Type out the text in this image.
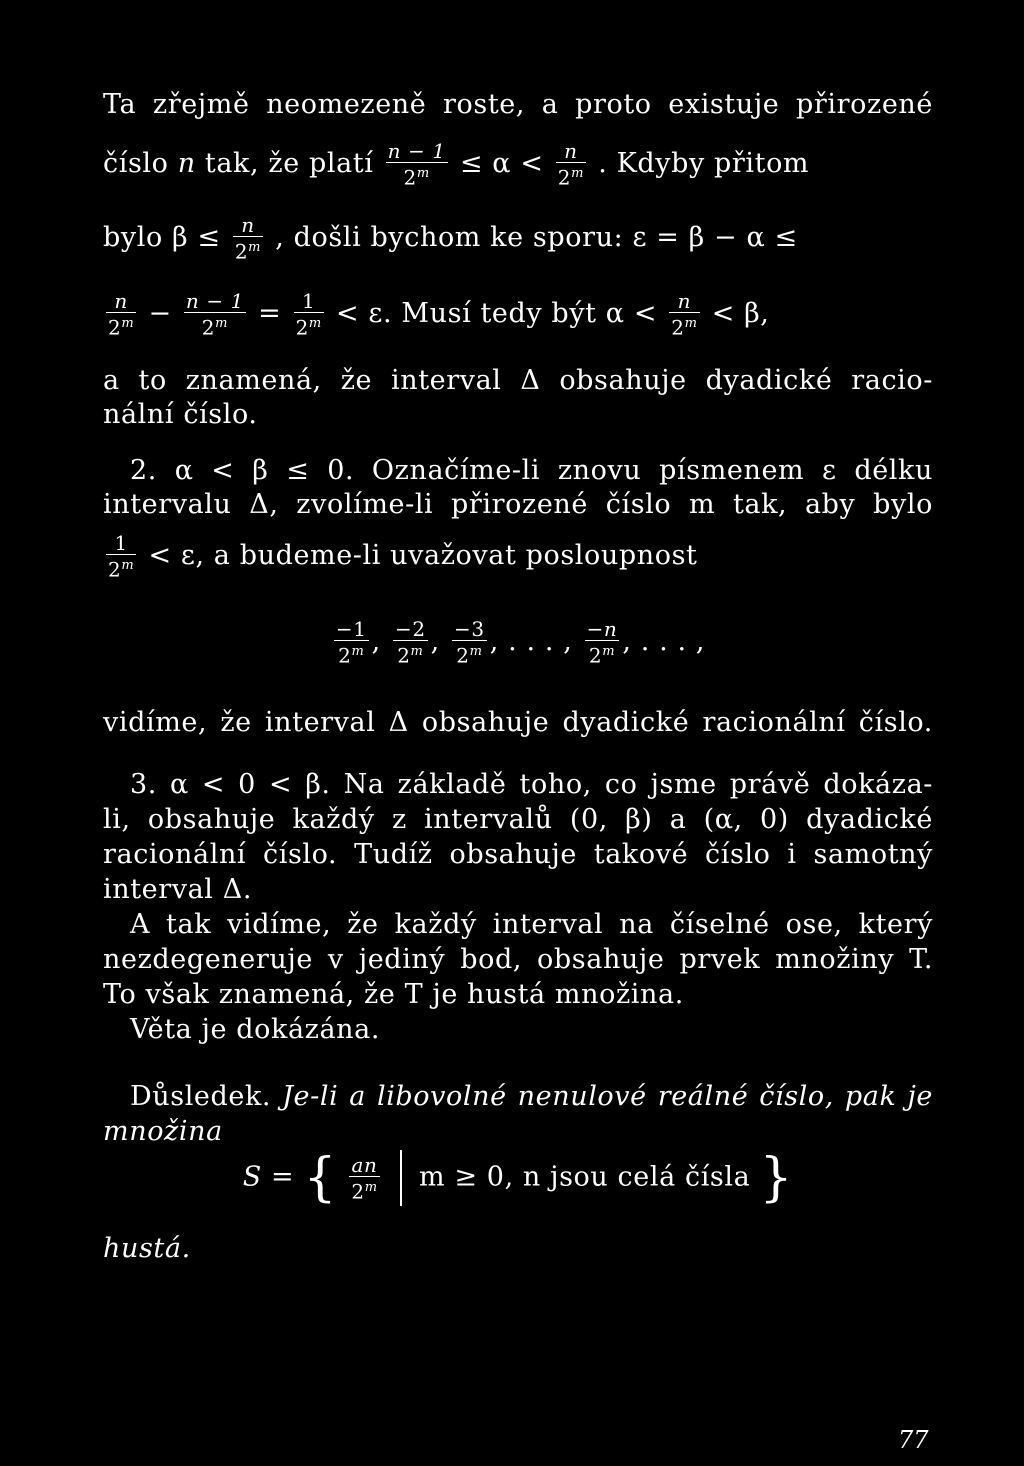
Ta zřejmě neomezeně roste, a proto existuje přirozené
číslo n tak, že platí $\frac{n - 1}{2^m} \le \alpha < \frac{n}{2^m}$ . Kdyby přitom
bylo $\beta \le \frac{n}{2^m}$ , došli bychom ke sporu: ε = β − α ≤
$\frac{n}{2^m} - \frac{n - 1}{2^m} = \frac{1}{2^m} < \varepsilon$. Musí tedy být $\alpha < \frac{n}{2^m} < \beta$,
a to znamená, že interval Δ obsahuje dyadické racio-
nální číslo.
2. α < β ≤ 0. Označíme-li znovu písmenem ε délku
intervalu Δ, zvolíme-li přirozené číslo m tak, aby bylo
$\frac{1}{2^m} < \varepsilon$, a budeme-li uvažovat posloupnost
$\frac{-1}{2^m}$ , $\frac{-2}{2^m}$ , $\frac{-3}{2^m}$ , . . . , $\frac{-n}{2^m}$ , . . . ,
vidíme, že interval Δ obsahuje dyadické racionální číslo.
3. α < 0 < β. Na základě toho, co jsme právě dokáza-
li, obsahuje každý z intervalů (0, β) a (α, 0) dyadické
racionální číslo. Tudíž obsahuje takové číslo i samotný
interval Δ.
A tak vidíme, že každý interval na číselné ose, který
nezdegeneruje v jediný bod, obsahuje prvek množiny T.
To však znamená, že T je hustá množina.
Věta je dokázána.
Důsledek. Je-li a libovolné nenulové reálné číslo, pak je
množina
S = { $\frac{an}{2^m}$ m ≥ 0, n jsou celá čísla }
hustá.
77
